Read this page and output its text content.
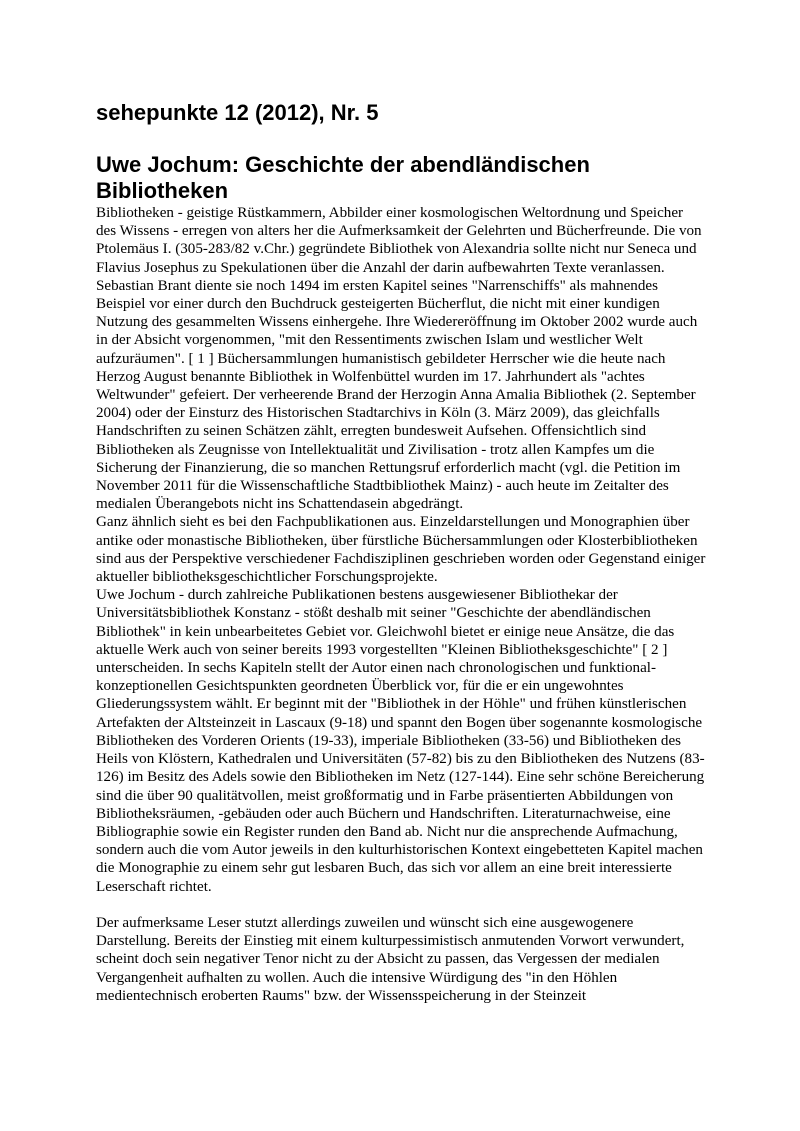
sehepunkte 12 (2012), Nr. 5
Uwe Jochum: Geschichte der abendländischen Bibliotheken
Bibliotheken - geistige Rüstkammern, Abbilder einer kosmologischen Weltordnung und Speicher des Wissens - erregen von alters her die Aufmerksamkeit der Gelehrten und Bücherfreunde. Die von Ptolemäus I. (305-283/82 v.Chr.) gegründete Bibliothek von Alexandria sollte nicht nur Seneca und Flavius Josephus zu Spekulationen über die Anzahl der darin aufbewahrten Texte veranlassen. Sebastian Brant diente sie noch 1494 im ersten Kapitel seines "Narrenschiffs" als mahnendes Beispiel vor einer durch den Buchdruck gesteigerten Bücherflut, die nicht mit einer kundigen Nutzung des gesammelten Wissens einhergehe. Ihre Wiedereröffnung im Oktober 2002 wurde auch in der Absicht vorgenommen, "mit den Ressentiments zwischen Islam und westlicher Welt aufzuräumen". [ 1 ] Büchersammlungen humanistisch gebildeter Herrscher wie die heute nach Herzog August benannte Bibliothek in Wolfenbüttel wurden im 17. Jahrhundert als "achtes Weltwunder" gefeiert. Der verheerende Brand der Herzogin Anna Amalia Bibliothek (2. September 2004) oder der Einsturz des Historischen Stadtarchivs in Köln (3. März 2009), das gleichfalls Handschriften zu seinen Schätzen zählt, erregten bundesweit Aufsehen. Offensichtlich sind Bibliotheken als Zeugnisse von Intellektualität und Zivilisation - trotz allen Kampfes um die Sicherung der Finanzierung, die so manchen Rettungsruf erforderlich macht (vgl. die Petition im November 2011 für die Wissenschaftliche Stadtbibliothek Mainz) - auch heute im Zeitalter des medialen Überangebots nicht ins Schattendasein abgedrängt.
Ganz ähnlich sieht es bei den Fachpublikationen aus. Einzeldarstellungen und Monographien über antike oder monastische Bibliotheken, über fürstliche Büchersammlungen oder Klosterbibliotheken sind aus der Perspektive verschiedener Fachdisziplinen geschrieben worden oder Gegenstand einiger aktueller bibliotheksgeschichtlicher Forschungsprojekte.
Uwe Jochum - durch zahlreiche Publikationen bestens ausgewiesener Bibliothekar der Universitätsbibliothek Konstanz - stößt deshalb mit seiner "Geschichte der abendländischen Bibliothek" in kein unbearbeitetes Gebiet vor. Gleichwohl bietet er einige neue Ansätze, die das aktuelle Werk auch von seiner bereits 1993 vorgestellten "Kleinen Bibliotheksgeschichte" [ 2 ] unterscheiden. In sechs Kapiteln stellt der Autor einen nach chronologischen und funktional-konzeptionellen Gesichtspunkten geordneten Überblick vor, für die er ein ungewohntes Gliederungssystem wählt. Er beginnt mit der "Bibliothek in der Höhle" und frühen künstlerischen Artefakten der Altsteinzeit in Lascaux (9-18) und spannt den Bogen über sogenannte kosmologische Bibliotheken des Vorderen Orients (19-33), imperiale Bibliotheken (33-56) und Bibliotheken des Heils von Klöstern, Kathedralen und Universitäten (57-82) bis zu den Bibliotheken des Nutzens (83-126) im Besitz des Adels sowie den Bibliotheken im Netz (127-144). Eine sehr schöne Bereicherung sind die über 90 qualitätvollen, meist großformatig und in Farbe präsentierten Abbildungen von Bibliotheksräumen, -gebäuden oder auch Büchern und Handschriften. Literaturnachweise, eine Bibliographie sowie ein Register runden den Band ab. Nicht nur die ansprechende Aufmachung, sondern auch die vom Autor jeweils in den kulturhistorischen Kontext eingebetteten Kapitel machen die Monographie zu einem sehr gut lesbaren Buch, das sich vor allem an eine breit interessierte Leserschaft richtet.
Der aufmerksame Leser stutzt allerdings zuweilen und wünscht sich eine ausgewogenere Darstellung. Bereits der Einstieg mit einem kulturpessimistisch anmutenden Vorwort verwundert, scheint doch sein negativer Tenor nicht zu der Absicht zu passen, das Vergessen der medialen Vergangenheit aufhalten zu wollen. Auch die intensive Würdigung des "in den Höhlen medientechnisch eroberten Raums" bzw. der Wissensspeicherung in der Steinzeit
